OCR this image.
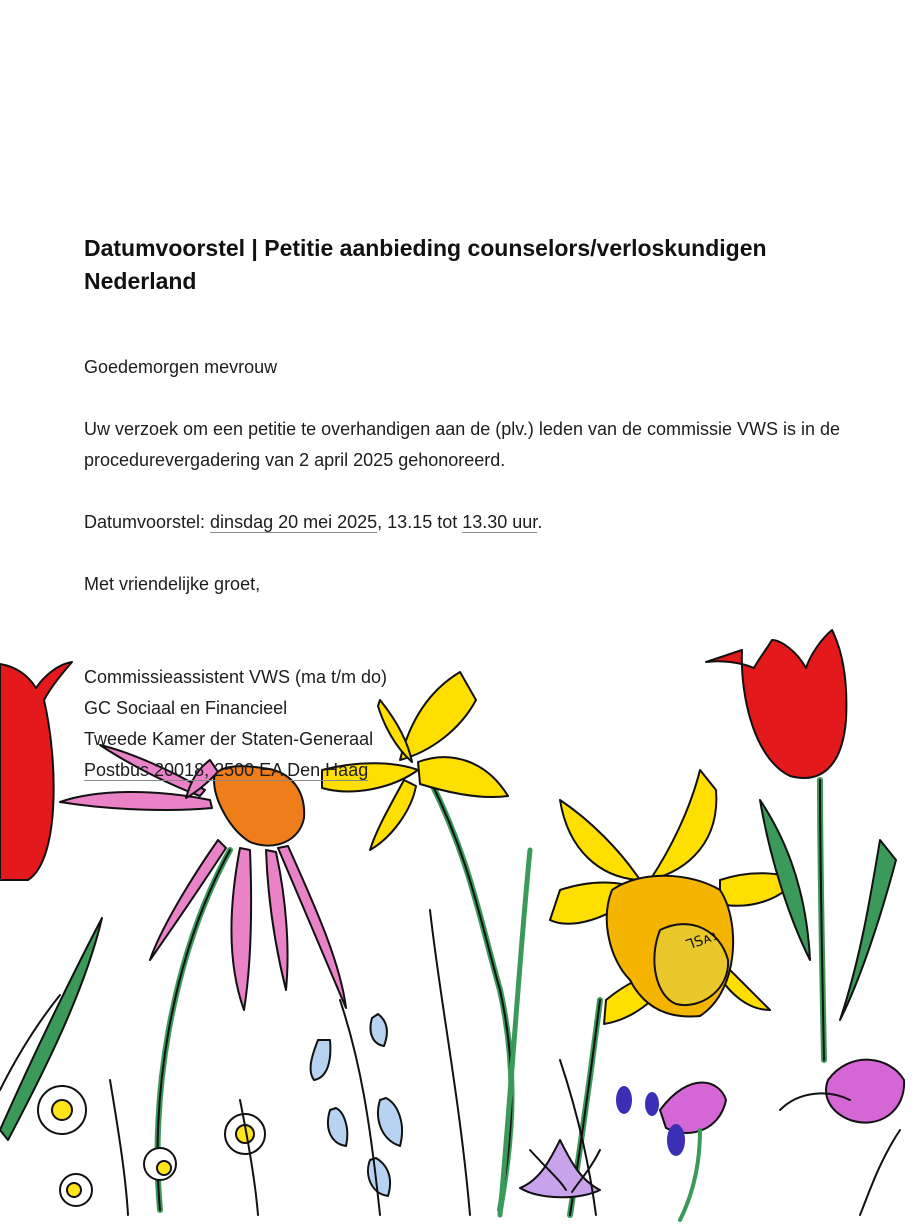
ᒣSᴀɿ
Datumvoorstel | Petitie aanbieding counselors/verloskundigen Nederland

Goedemorgen mevrouw

Uw verzoek om een petitie te overhandigen aan de (plv.) leden van de commissie VWS is in de procedurevergadering van 2 april 2025 gehonoreerd.

Datumvoorstel: dinsdag 20 mei 2025, 13.15 tot 13.30 uur.

Met vriendelijke groet,

Commissieassistent VWS (ma t/m do)

GC Sociaal en Financieel

Tweede Kamer der Staten-Generaal

Postbus 20018, 2500 EA Den Haag
